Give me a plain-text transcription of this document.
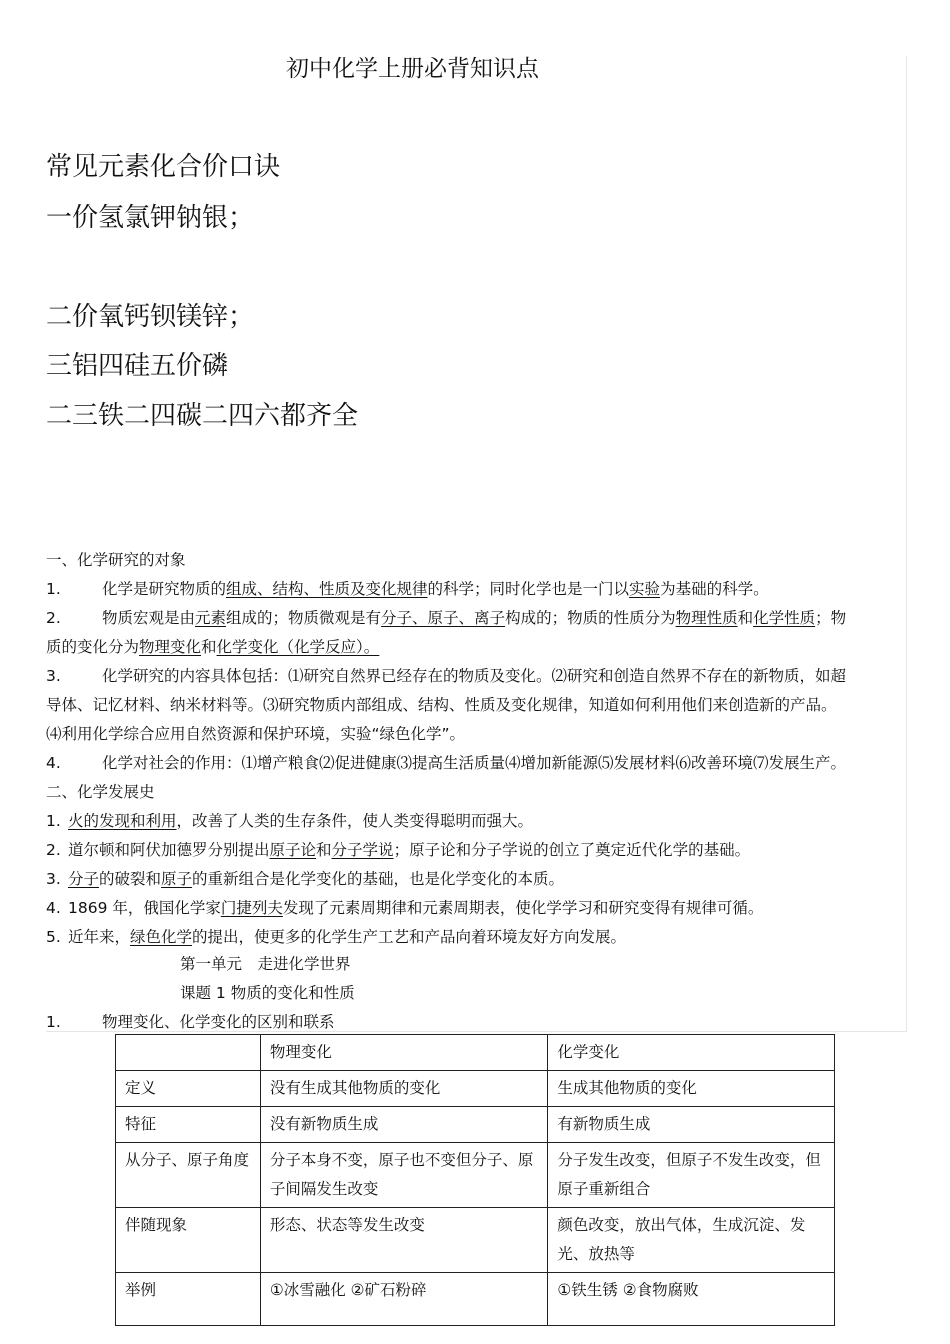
初中化学上册必背知识点
常见元素化合价口诀
一价氢氯钾钠银；
二价氧钙钡镁锌；
三铝四硅五价磷
二三铁二四碳二四六都齐全
一、化学研究的对象
1.	化学是研究物质的组成、结构、性质及变化规律的科学；同时化学也是一门以实验为基础的科学。
2.	物质宏观是由元素组成的；物质微观是有分子、原子、离子构成的；物质的性质分为物理性质和化学性质；物
质的变化分为物理变化和化学变化（化学反应）。
3.	化学研究的内容具体包括：⑴研究自然界已经存在的物质及变化。⑵研究和创造自然界不存在的新物质，如超
导体、记忆材料、纳米材料等。⑶研究物质内部组成、结构、性质及变化规律，知道如何利用他们来创造新的产品。
⑷利用化学综合应用自然资源和保护环境，实验“绿色化学”。
4.	化学对社会的作用：⑴增产粮食⑵促进健康⑶提高生活质量⑷增加新能源⑸发展材料⑹改善环境⑺发展生产。
二、化学发展史
1. 火的发现和利用，改善了人类的生存条件，使人类变得聪明而强大。
2. 道尔顿和阿伏加德罗分别提出原子论和分子学说；原子论和分子学说的创立了奠定近代化学的基础。
3. 分子的破裂和原子的重新组合是化学变化的基础，也是化学变化的本质。
4. 1869 年，俄国化学家门捷列夫发现了元素周期律和元素周期表，使化学学习和研究变得有规律可循。
5. 近年来，绿色化学的提出，使更多的化学生产工艺和产品向着环境友好方向发展。
第一单元　走进化学世界
课题 1 物质的变化和性质
1.	物理变化、化学变化的区别和联系
	物理变化	化学变化
定义	没有生成其他物质的变化	生成其他物质的变化
特征	没有新物质生成	有新物质生成
从分子、原子角度	分子本身不变，原子也不变但分子、原子间隔发生改变	分子发生改变，但原子不发生改变，但原子重新组合
伴随现象	形态、状态等发生改变	颜色改变，放出气体，生成沉淀、发光、放热等
举例	①冰雪融化 ②矿石粉碎	①铁生锈 ②食物腐败
